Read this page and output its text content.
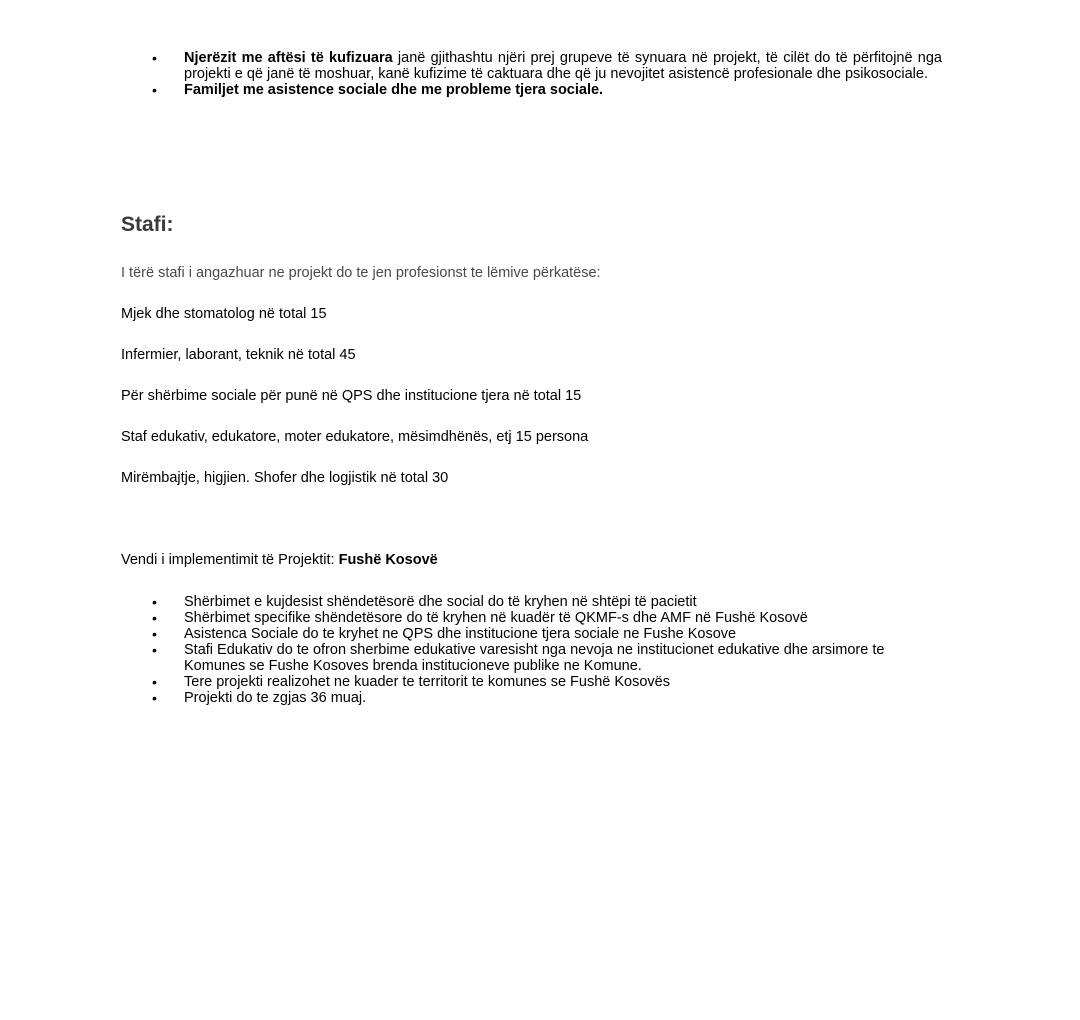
• Njerëzit me aftësi të kufizuara janë gjithashtu njëri prej grupeve të synuara në projekt, të cilët do të përfitojnë nga projekti e që janë të moshuar, kanë kufizime të caktuara dhe që ju nevojitet asistencë profesionale dhe psikosociale.
• Familjet me asistence sociale dhe me probleme tjera sociale.
Stafi:

I tërë stafi i angazhuar ne projekt do te jen profesionst te lëmive përkatëse:

Mjek dhe stomatolog në total 15

Infermier, laborant, teknik në total 45

Për shërbime sociale për punë në QPS dhe institucione tjera në total 15

Staf edukativ, edukatore, moter edukatore, mësimdhënës, etj 15 persona

Mirëmbajtje, higjien. Shofer dhe logjistik në total 30

Vendi i implementimit të Projektit: Fushë Kosovë

• Shërbimet e kujdesist shëndetësorë dhe social do të kryhen në shtëpi të pacietit
• Shërbimet specifike shëndetësore do të kryhen në kuadër të QKMF-s dhe AMF në Fushë Kosovë
• Asistenca Sociale do te kryhet ne QPS dhe institucione tjera sociale ne Fushe Kosove
• Stafi Edukativ do te ofron sherbime edukative varesisht nga nevoja ne institucionet edukative dhe arsimore te Komunes se Fushe Kosoves brenda institucioneve publike ne Komune.
• Tere projekti realizohet ne kuader te territorit te komunes se Fushë Kosovës
• Projekti do te zgjas 36 muaj.
